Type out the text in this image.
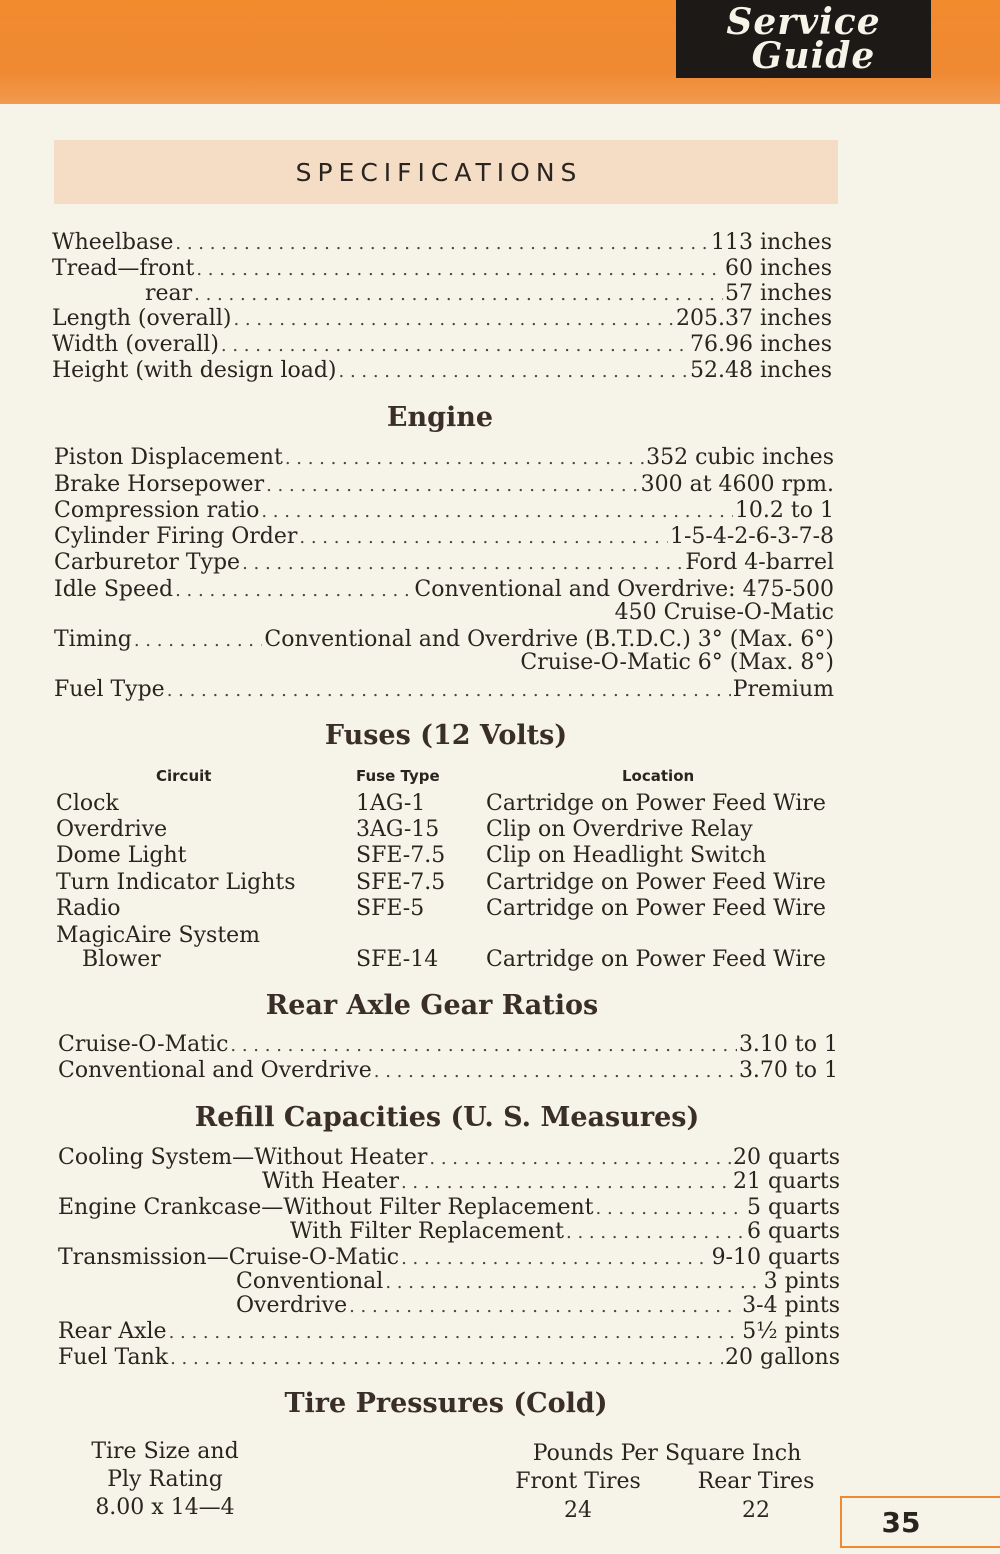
Service
Guide
SPECIFICATIONS
Wheelbase . . .	113 inches
Tread—front . . .	60 inches
rear . . .	57 inches
Length (overall) . . .	205.37 inches
Width (overall) . . .	76.96 inches
Height (with design load) . . .	52.48 inches
Engine
Piston Displacement . . .	352 cubic inches
Brake Horsepower . . .	300 at 4600 rpm.
Compression ratio . . .	10.2 to 1
Cylinder Firing Order . . .	1-5-4-2-6-3-7-8
Carburetor Type . . .	Ford 4-barrel
Idle Speed . . .	Conventional and Overdrive: 475-500
450 Cruise-O-Matic
Timing . . .	Conventional and Overdrive (B.T.D.C.) 3° (Max. 6°)
Cruise-O-Matic 6° (Max. 8°)
Fuel Type . . .	Premium
Fuses (12 Volts)
Circuit	Fuse Type	Location
Clock	1AG-1	Cartridge on Power Feed Wire
Overdrive	3AG-15 Clip on Overdrive Relay
Dome Light	SFE-7.5 Clip on Headlight Switch
Turn Indicator Lights	SFE-7.5 Cartridge on Power Feed Wire
Radio	SFE-5	Cartridge on Power Feed Wire
MagicAire System
Blower	SFE-14 Cartridge on Power Feed Wire
Rear Axle Gear Ratios
Cruise-O-Matic . . .	3.10 to 1
Conventional and Overdrive . . .	3.70 to 1
Refill Capacities (U. S. Measures)
Cooling System—Without Heater . . .	20 quarts
With Heater . . .	21 quarts
Engine Crankcase—Without Filter Replacement . . .	5 quarts
With Filter Replacement . . .	6 quarts
Transmission—Cruise-O-Matic . . .	9-10 quarts
Conventional . . .	3 pints
Overdrive . . .	3-4 pints
Rear Axle . . .	5½ pints
Fuel Tank . . .	20 gallons
Tire Pressures (Cold)
Tire Size and
Ply Rating
8.00 x 14—4
Pounds Per Square Inch
Front Tires	Rear Tires
24	22	35
